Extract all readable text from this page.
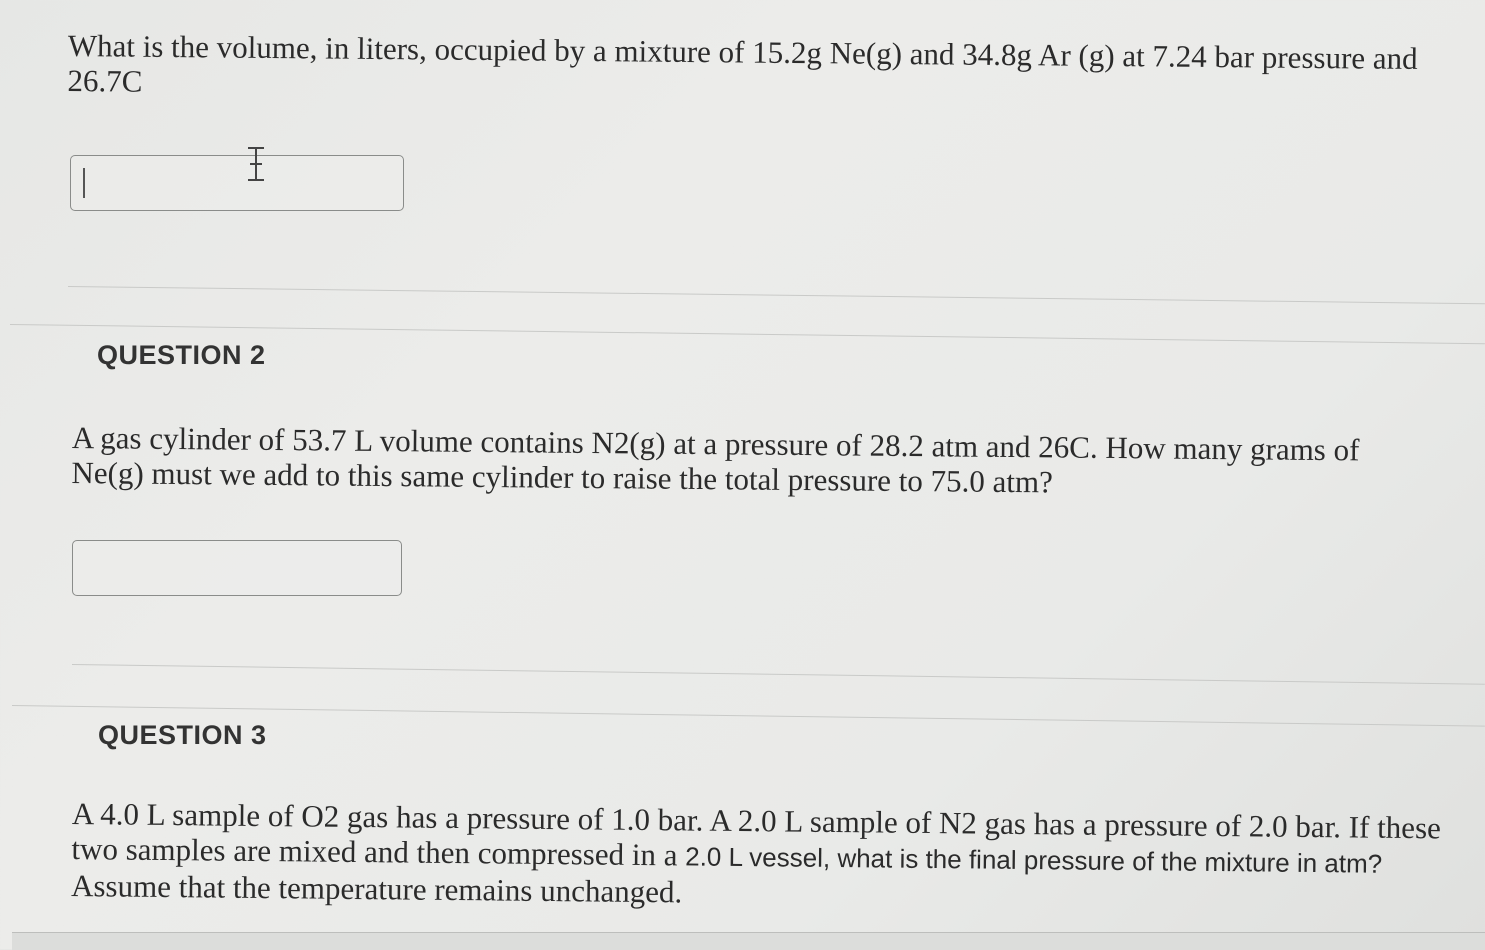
What is the volume, in liters, occupied by a mixture of 15.2g Ne(g) and 34.8g Ar (g) at 7.24 bar pressure and 26.7C
QUESTION 2
A gas cylinder of 53.7 L volume contains N2(g) at a pressure of 28.2 atm and 26C. How many grams of Ne(g) must we add to this same cylinder to raise the total pressure to 75.0 atm?
QUESTION 3
A 4.0 L sample of O2 gas has a pressure of 1.0 bar. A 2.0 L sample of N2 gas has a pressure of 2.0 bar. If these two samples are mixed and then compressed in a 2.0 L vessel, what is the final pressure of the mixture in atm? Assume that the temperature remains unchanged.
